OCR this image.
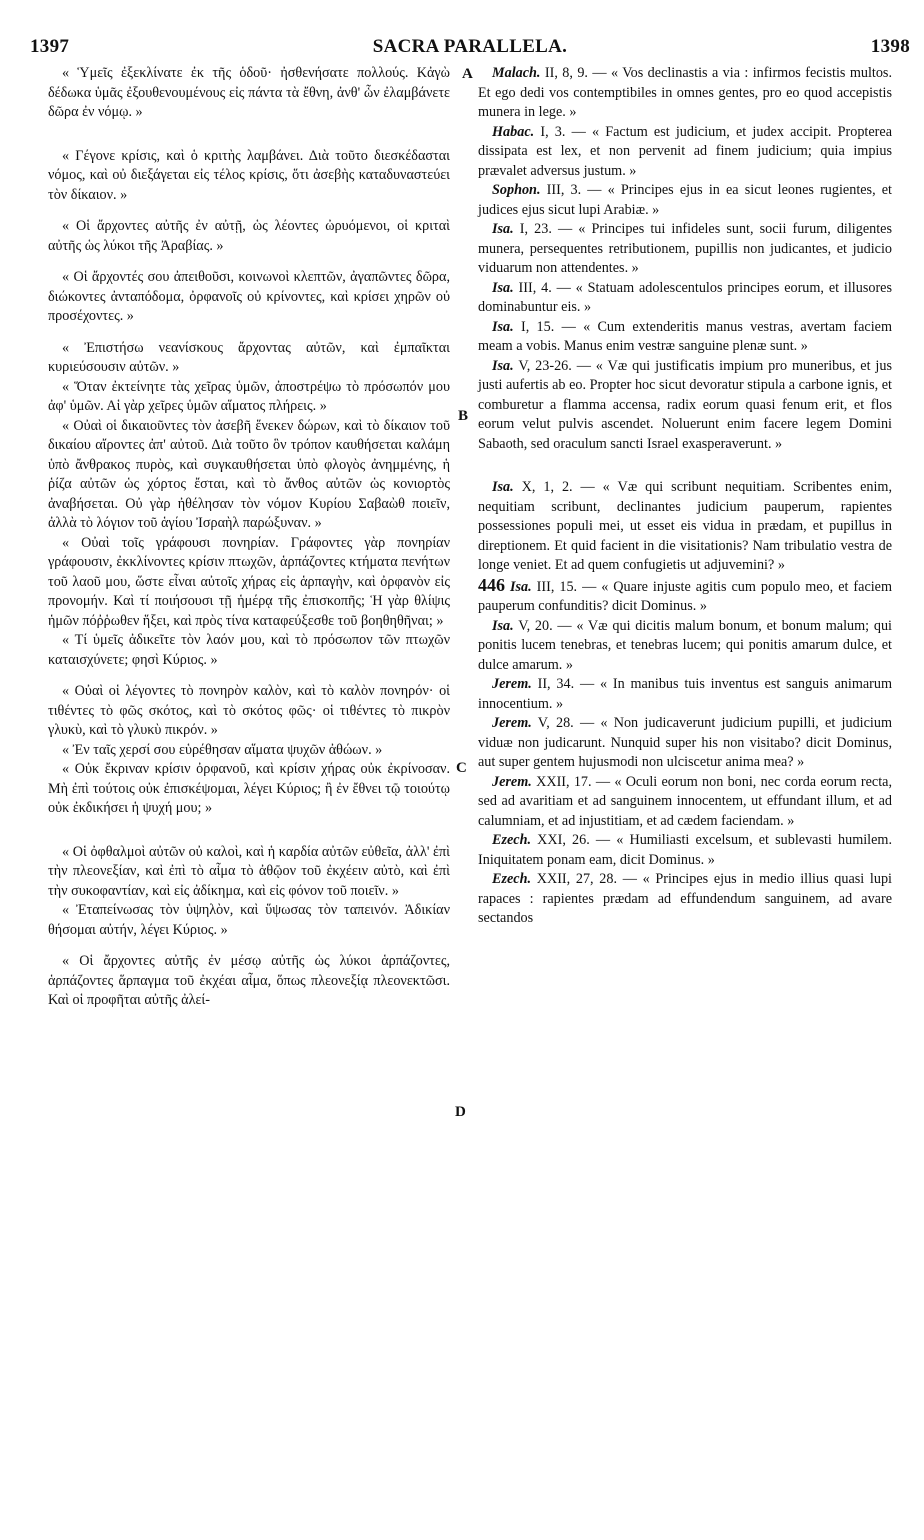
1397	SACRA PARALLELA.	1398
A
B
C
D

« Ὑμεῖς ἐξεκλίνατε ἐκ τῆς ὁδοῦ· ἠσθενήσατε πολλούς. Κἀγὼ δέδωκα ὑμᾶς ἐξουθενουμένους εἰς πάντα τὰ ἔθνη, ἀνθ' ὧν ἐλαμβάνετε δῶρα ἐν νόμῳ. »

« Γέγονε κρίσις, καὶ ὁ κριτὴς λαμβάνει. Διὰ τοῦτο διεσκέδασται νόμος, καὶ οὐ διεξάγεται εἰς τέλος κρίσις, ὅτι ἀσεβὴς καταδυναστεύει τὸν δίκαιον. »

« Οἱ ἄρχοντες αὐτῆς ἐν αὐτῇ, ὡς λέοντες ὠρυόμενοι, οἱ κριταὶ αὐτῆς ὡς λύκοι τῆς Ἀραβίας. »

« Οἱ ἄρχοντές σου ἀπειθοῦσι, κοινωνοὶ κλεπτῶν, ἀγαπῶντες δῶρα, διώκοντες ἀνταπόδομα, ὀρφανοῖς οὐ κρίνοντες, καὶ κρίσει χηρῶν οὐ προσέχοντες. »

« Ἐπιστήσω νεανίσκους ἄρχοντας αὐτῶν, καὶ ἐμπαῖκται κυριεύσουσιν αὐτῶν. »

« Ὅταν ἐκτείνητε τὰς χεῖρας ὑμῶν, ἀποστρέψω τὸ πρόσωπόν μου ἀφ' ὑμῶν. Αἱ γὰρ χεῖρες ὑμῶν αἵματος πλήρεις. »

« Οὐαὶ οἱ δικαιοῦντες τὸν ἀσεβῆ ἕνεκεν δώρων, καὶ τὸ δίκαιον τοῦ δικαίου αἴροντες ἀπ' αὐτοῦ. Διὰ τοῦτο ὃν τρόπον καυθήσεται καλάμη ὑπὸ ἄνθρακος πυρὸς, καὶ συγκαυθήσεται ὑπὸ φλογὸς ἀνημμένης, ἡ ῥίζα αὐτῶν ὡς χόρτος ἔσται, καὶ τὸ ἄνθος αὐτῶν ὡς κονιορτὸς ἀναβήσεται. Οὐ γὰρ ἠθέλησαν τὸν νόμον Κυρίου Σαβαὼθ ποιεῖν, ἀλλὰ τὸ λόγιον τοῦ ἁγίου Ἰσραὴλ παρώξυναν. »

« Οὐαὶ τοῖς γράφουσι πονηρίαν. Γράφοντες γὰρ πονηρίαν γράφουσιν, ἐκκλίνοντες κρίσιν πτωχῶν, ἁρπάζοντες κτήματα πενήτων τοῦ λαοῦ μου, ὥστε εἶναι αὐτοῖς χήρας εἰς ἁρπαγὴν, καὶ ὀρφανὸν εἰς προνομήν. Καὶ τί ποιήσουσι τῇ ἡμέρᾳ τῆς ἐπισκοπῆς; Ἡ γὰρ θλίψις ἡμῶν πόῤῥωθεν ἥξει, καὶ πρὸς τίνα καταφεύξεσθε τοῦ βοηθηθῆναι; »

« Τί ὑμεῖς ἀδικεῖτε τὸν λαόν μου, καὶ τὸ πρόσωπον τῶν πτωχῶν καταισχύνετε; φησὶ Κύριος. »

« Οὐαὶ οἱ λέγοντες τὸ πονηρὸν καλὸν, καὶ τὸ καλὸν πονηρόν· οἱ τιθέντες τὸ φῶς σκότος, καὶ τὸ σκότος φῶς· οἱ τιθέντες τὸ πικρὸν γλυκὺ, καὶ τὸ γλυκὺ πικρόν. »

« Ἐν ταῖς χερσί σου εὑρέθησαν αἵματα ψυχῶν ἀθώων. »

« Οὐκ ἔκριναν κρίσιν ὀρφανοῦ, καὶ κρίσιν χήρας οὐκ ἐκρίνοσαν. Μὴ ἐπὶ τούτοις οὐκ ἐπισκέψομαι, λέγει Κύριος; ἢ ἐν ἔθνει τῷ τοιούτῳ οὐκ ἐκδικήσει ἡ ψυχή μου; »

« Οἱ ὀφθαλμοὶ αὐτῶν οὐ καλοὶ, καὶ ἡ καρδία αὐτῶν εὐθεῖα, ἀλλ' ἐπὶ τὴν πλεονεξίαν, καὶ ἐπὶ τὸ αἷμα τὸ ἀθῷον τοῦ ἐκχέειν αὐτὸ, καὶ ἐπὶ τὴν συκοφαντίαν, καὶ εἰς ἀδίκημα, καὶ εἰς φόνον τοῦ ποιεῖν. »

« Ἐταπείνωσας τὸν ὑψηλὸν, καὶ ὕψωσας τὸν ταπεινόν. Ἀδικίαν θήσομαι αὐτήν, λέγει Κύριος. »

« Οἱ ἄρχοντες αὐτῆς ἐν μέσῳ αὐτῆς ὡς λύκοι ἁρπάζοντες, ἁρπάζοντες ἅρπαγμα τοῦ ἐκχέαι αἷμα, ὅπως πλεονεξίᾳ πλεονεκτῶσι. Καὶ οἱ προφῆται αὐτῆς ἀλεί-

Malach. II, 8, 9. — « Vos declinastis a via : infirmos fecistis multos. Et ego dedi vos contemptibiles in omnes gentes, pro eo quod accepistis munera in lege. »

Habac. I, 3. — « Factum est judicium, et judex accipit. Propterea dissipata est lex, et non pervenit ad finem judicium; quia impius prævalet adversus justum. »

Sophon. III, 3. — « Principes ejus in ea sicut leones rugientes, et judices ejus sicut lupi Arabiæ. »

Isa. I, 23. — « Principes tui infideles sunt, socii furum, diligentes munera, persequentes retributionem, pupillis non judicantes, et judicio viduarum non attendentes. »

Isa. III, 4. — « Statuam adolescentulos principes eorum, et illusores dominabuntur eis. »

Isa. I, 15. — « Cum extenderitis manus vestras, avertam faciem meam a vobis. Manus enim vestræ sanguine plenæ sunt. »

Isa. V, 23-26. — « Væ qui justificatis impium pro muneribus, et jus justi aufertis ab eo. Propter hoc sicut devoratur stipula a carbone ignis, et comburetur a flamma accensa, radix eorum quasi fenum erit, et flos eorum velut pulvis ascendet. Noluerunt enim facere legem Domini Sabaoth, sed oraculum sancti Israel exasperaverunt. »

Isa. X, 1, 2. — « Væ qui scribunt nequitiam. Scribentes enim, nequitiam scribunt, declinantes judicium pauperum, rapientes possessiones populi mei, ut esset eis vidua in prædam, et pupillus in direptionem. Et quid facient in die visitationis? Nam tribulatio vestra de longe veniet. Et ad quem confugietis ut adjuvemini? »

446 Isa. III, 15. — « Quare injuste agitis cum populo meo, et faciem pauperum confunditis? dicit Dominus. »

Isa. V, 20. — « Væ qui dicitis malum bonum, et bonum malum; qui ponitis lucem tenebras, et tenebras lucem; qui ponitis amarum dulce, et dulce amarum. »

Jerem. II, 34. — « In manibus tuis inventus est sanguis animarum innocentium. »

Jerem. V, 28. — « Non judicaverunt judicium pupilli, et judicium viduæ non judicarunt. Nunquid super his non visitabo? dicit Dominus, aut super gentem hujusmodi non ulciscetur anima mea? »

Jerem. XXII, 17. — « Oculi eorum non boni, nec corda eorum recta, sed ad avaritiam et ad sanguinem innocentem, ut effundant illum, et ad calumniam, et ad injustitiam, et ad cædem faciendam. »

Ezech. XXI, 26. — « Humiliasti excelsum, et sublevasti humilem. Iniquitatem ponam eam, dicit Dominus. »

Ezech. XXII, 27, 28. — « Principes ejus in medio illius quasi lupi rapaces : rapientes prædam ad effundendum sanguinem, ad avare sectandos
